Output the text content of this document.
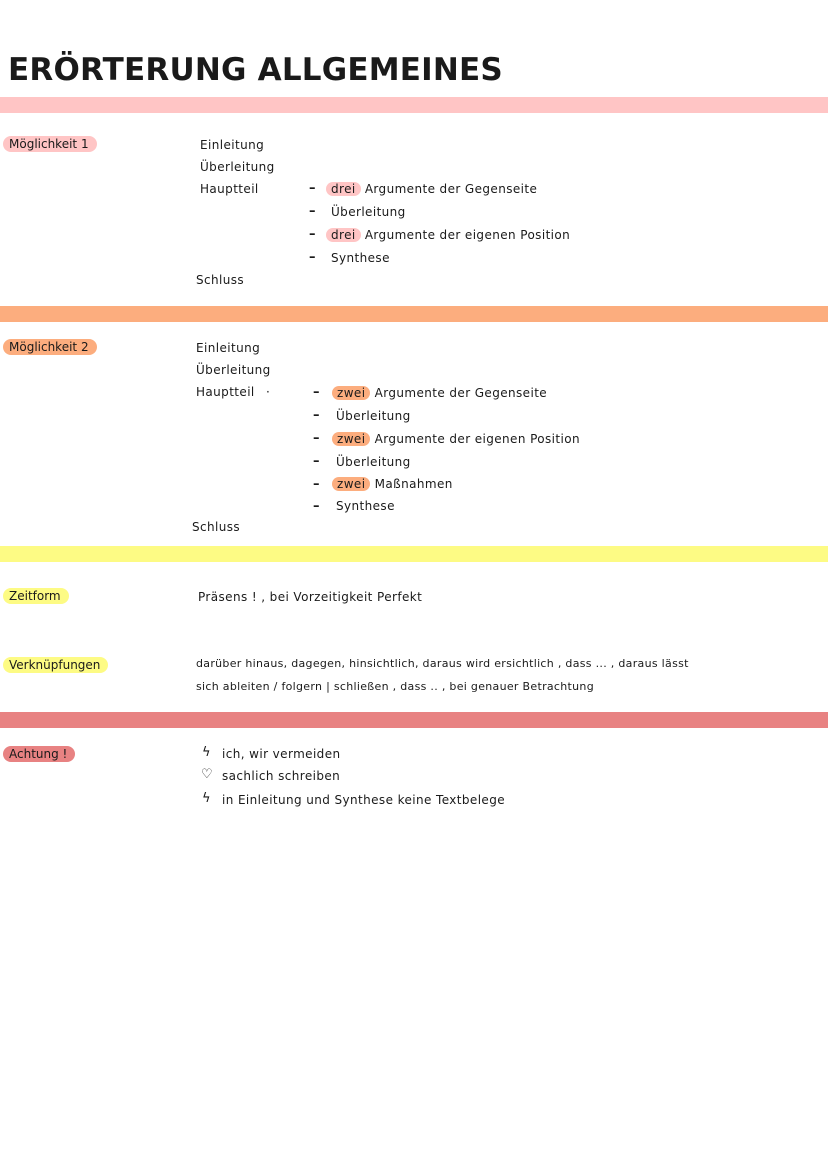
ERÖRTERUNG ALLGEMEINES
Möglichkeit 1	Einleitung
Überleitung
Hauptteil	–	drei Argumente der Gegenseite
– Überleitung
–	drei Argumente der eigenen Position
– Synthese
Schluss
Möglichkeit 2	Einleitung
Überleitung
Hauptteil ·	–	zwei Argumente der Gegenseite
– Überleitung
–	zwei Argumente der eigenen Position
– Überleitung
–	zwei Maßnahmen
– Synthese
Schluss
Zeitform	Präsens ! , bei Vorzeitigkeit Perfekt
Verknüpfungen	darüber hinaus, dagegen, hinsichtlich, daraus wird ersichtlich , dass ... , daraus lässt
sich ableiten / folgern | schließen , dass .. , bei genauer Betrachtung
Achtung !	ϟ ich, wir vermeiden
♡ sachlich schreiben
ϟ in Einleitung und Synthese keine Textbelege
